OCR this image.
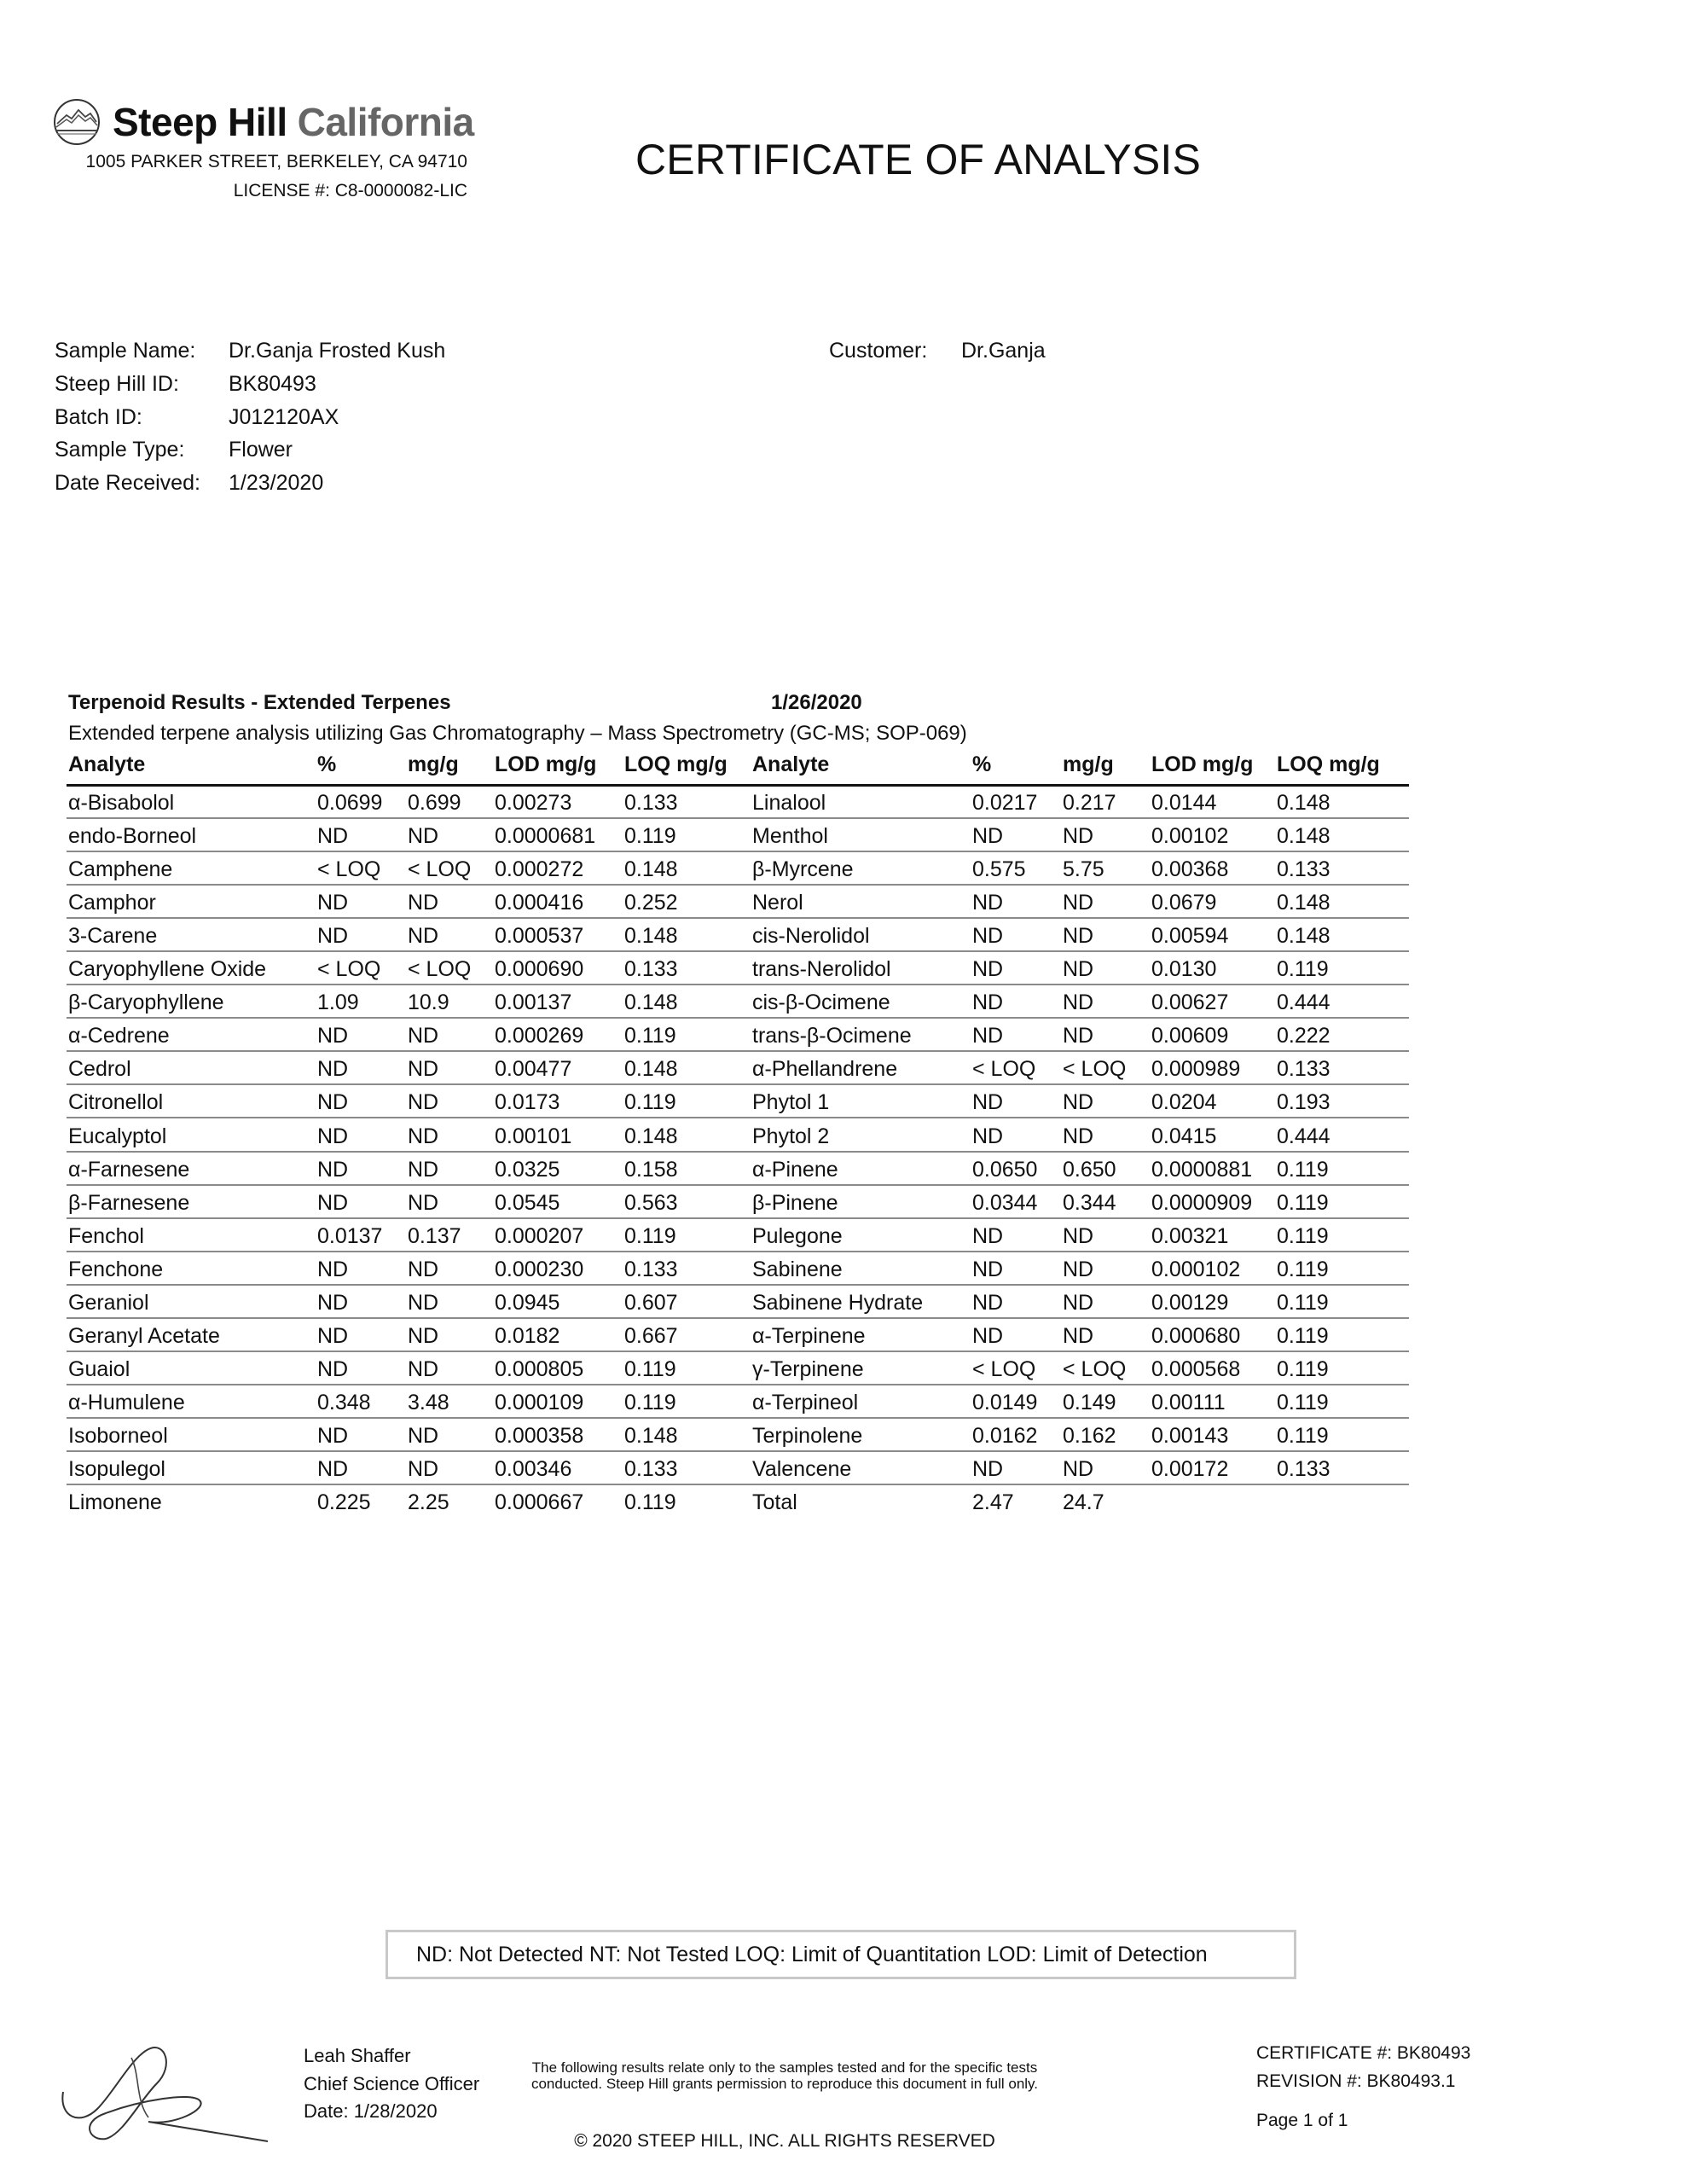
Steep Hill California
1005 PARKER STREET, BERKELEY, CA 94710
LICENSE #: C8-0000082-LIC
CERTIFICATE OF ANALYSIS
Sample Name: Dr.Ganja Frosted Kush
Steep Hill ID: BK80493
Batch ID:	J012120AX
Sample Type: Flower
Date Received: 1/23/2020
Customer: Dr.Ganja
Terpenoid Results - Extended Terpenes	1/26/2020
Extended terpene analysis utilizing Gas Chromatography – Mass Spectrometry (GC-MS; SOP-069)
Analyte	%	mg/g LOD mg/g LOQ mg/g Analyte	%	mg/g LOD mg/g LOQ mg/g
α-Bisabolol	0.0699 0.699 0.00273 0.133	Linalool	0.0217 0.217 0.0144	0.148
endo-Borneol	ND	ND	0.0000681 0.119	Menthol	ND	ND	0.00102 0.148
Camphene	< LOQ < LOQ 0.000272 0.148	β-Myrcene	0.575 5.75 0.00368 0.133
Camphor	ND	ND	0.000416 0.252	Nerol	ND	ND	0.0679	0.148
3-Carene	ND	ND	0.000537 0.148	cis-Nerolidol	ND	ND	0.00594 0.148
Caryophyllene Oxide < LOQ < LOQ 0.000690 0.133	trans-Nerolidol	ND	ND	0.0130	0.119
β-Caryophyllene	1.09 10.9 0.00137 0.148	cis-β-Ocimene	ND	ND	0.00627 0.444
α-Cedrene	ND	ND	0.000269 0.119	trans-β-Ocimene	ND	ND	0.00609 0.222
Cedrol	ND	ND	0.00477 0.148	α-Phellandrene	< LOQ < LOQ 0.000989 0.133
Citronellol	ND	ND	0.0173	0.119	Phytol 1	ND	ND	0.0204	0.193
Eucalyptol	ND	ND	0.00101 0.148	Phytol 2	ND	ND	0.0415	0.444
α-Farnesene	ND	ND	0.0325	0.158	α-Pinene	0.0650 0.650 0.0000881 0.119
β-Farnesene	ND	ND	0.0545	0.563	β-Pinene	0.0344 0.344 0.0000909 0.119
Fenchol	0.0137 0.137 0.000207 0.119	Pulegone	ND	ND	0.00321 0.119
Fenchone	ND	ND	0.000230 0.133	Sabinene	ND	ND	0.000102 0.119
Geraniol	ND	ND	0.0945	0.607	Sabinene Hydrate ND	ND	0.00129 0.119
Geranyl Acetate	ND	ND	0.0182	0.667	α-Terpinene	ND	ND	0.000680 0.119
Guaiol	ND	ND	0.000805 0.119	γ-Terpinene	< LOQ < LOQ 0.000568 0.119
α-Humulene	0.348 3.48 0.000109 0.119	α-Terpineol	0.0149 0.149 0.00111 0.119
Isoborneol	ND	ND	0.000358 0.148	Terpinolene	0.0162 0.162 0.00143 0.119
Isopulegol	ND	ND	0.00346 0.133	Valencene	ND	ND	0.00172 0.133
Limonene	0.225 2.25 0.000667 0.119	Total	2.47 24.7
ND: Not Detected NT: Not Tested LOQ: Limit of Quantitation LOD: Limit of Detection
Leah Shaffer
Chief Science Officer
Date: 1/28/2020
The following results relate only to the samples tested and for the specific tests conducted. Steep Hill grants permission to reproduce this document in full only.
© 2020 STEEP HILL, INC. ALL RIGHTS RESERVED
CERTIFICATE #: BK80493
REVISION #: BK80493.1
Page 1 of 1
